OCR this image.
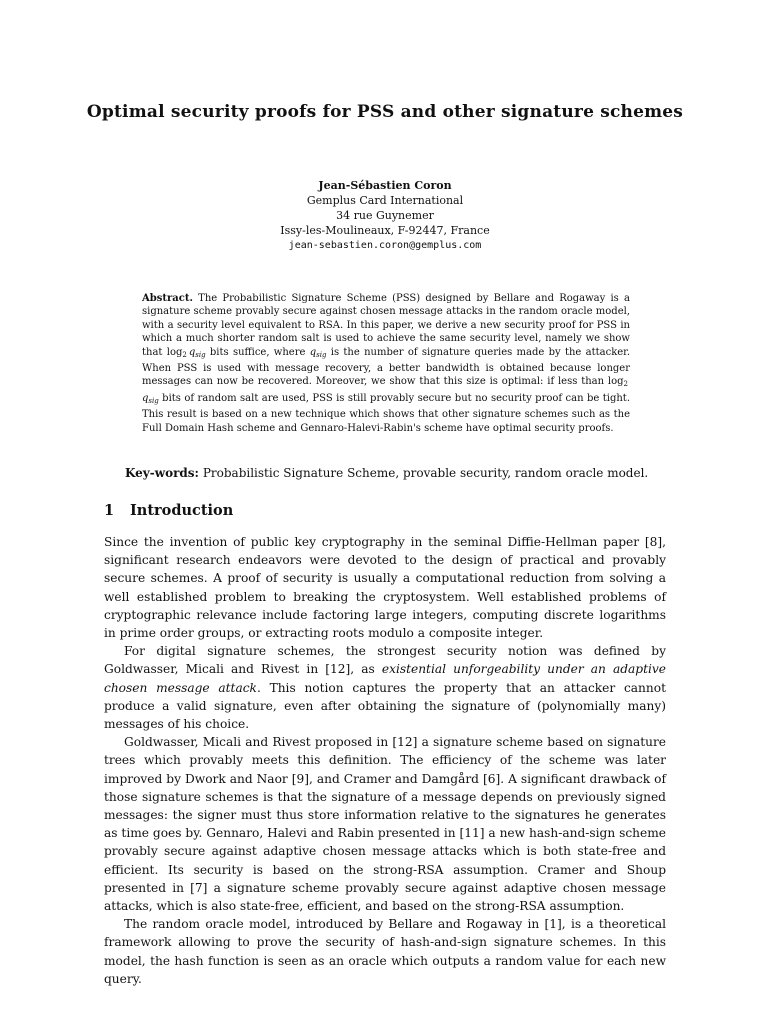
Optimal security proofs for PSS and other signature schemes
Jean-Sébastien Coron
Gemplus Card International
34 rue Guynemer
Issy-les-Moulineaux, F-92447, France
jean-sebastien.coron@gemplus.com
Abstract. The Probabilistic Signature Scheme (PSS) designed by Bellare and Rogaway is a signature scheme provably secure against chosen message attacks in the random oracle model, with a security level equivalent to RSA. In this paper, we derive a new security proof for PSS in which a much shorter random salt is used to achieve the same security level, namely we show that $\log_2 q_{sig}$ bits suffice, where $q_{sig}$ is the number of signature queries made by the attacker. When PSS is used with message recovery, a better bandwidth is obtained because longer messages can now be recovered. Moreover, we show that this size is optimal: if less than $\log_2 q_{sig}$ bits of random salt are used, PSS is still provably secure but no security proof can be tight. This result is based on a new technique which shows that other signature schemes such as the Full Domain Hash scheme and Gennaro-Halevi-Rabin's scheme have optimal security proofs.
Key-words: Probabilistic Signature Scheme, provable security, random oracle model.
1 Introduction

Since the invention of public key cryptography in the seminal Diffie-Hellman paper [8], significant research endeavors were devoted to the design of practical and provably secure schemes. A proof of security is usually a computational reduction from solving a well established problem to breaking the cryptosystem. Well established problems of cryptographic relevance include factoring large integers, computing discrete logarithms in prime order groups, or extracting roots modulo a composite integer.

For digital signature schemes, the strongest security notion was defined by Goldwasser, Micali and Rivest in [12], as existential unforgeability under an adaptive chosen message attack. This notion captures the property that an attacker cannot produce a valid signature, even after obtaining the signature of (polynomially many) messages of his choice.

Goldwasser, Micali and Rivest proposed in [12] a signature scheme based on signature trees which provably meets this definition. The efficiency of the scheme was later improved by Dwork and Naor [9], and Cramer and Damgård [6]. A significant drawback of those signature schemes is that the signature of a message depends on previously signed messages: the signer must thus store information relative to the signatures he generates as time goes by. Gennaro, Halevi and Rabin presented in [11] a new hash-and-sign scheme provably secure against adaptive chosen message attacks which is both state-free and efficient. Its security is based on the strong-RSA assumption. Cramer and Shoup presented in [7] a signature scheme provably secure against adaptive chosen message attacks, which is also state-free, efficient, and based on the strong-RSA assumption.

The random oracle model, introduced by Bellare and Rogaway in [1], is a theoretical framework allowing to prove the security of hash-and-sign signature schemes. In this model, the hash function is seen as an oracle which outputs a random value for each new query.
